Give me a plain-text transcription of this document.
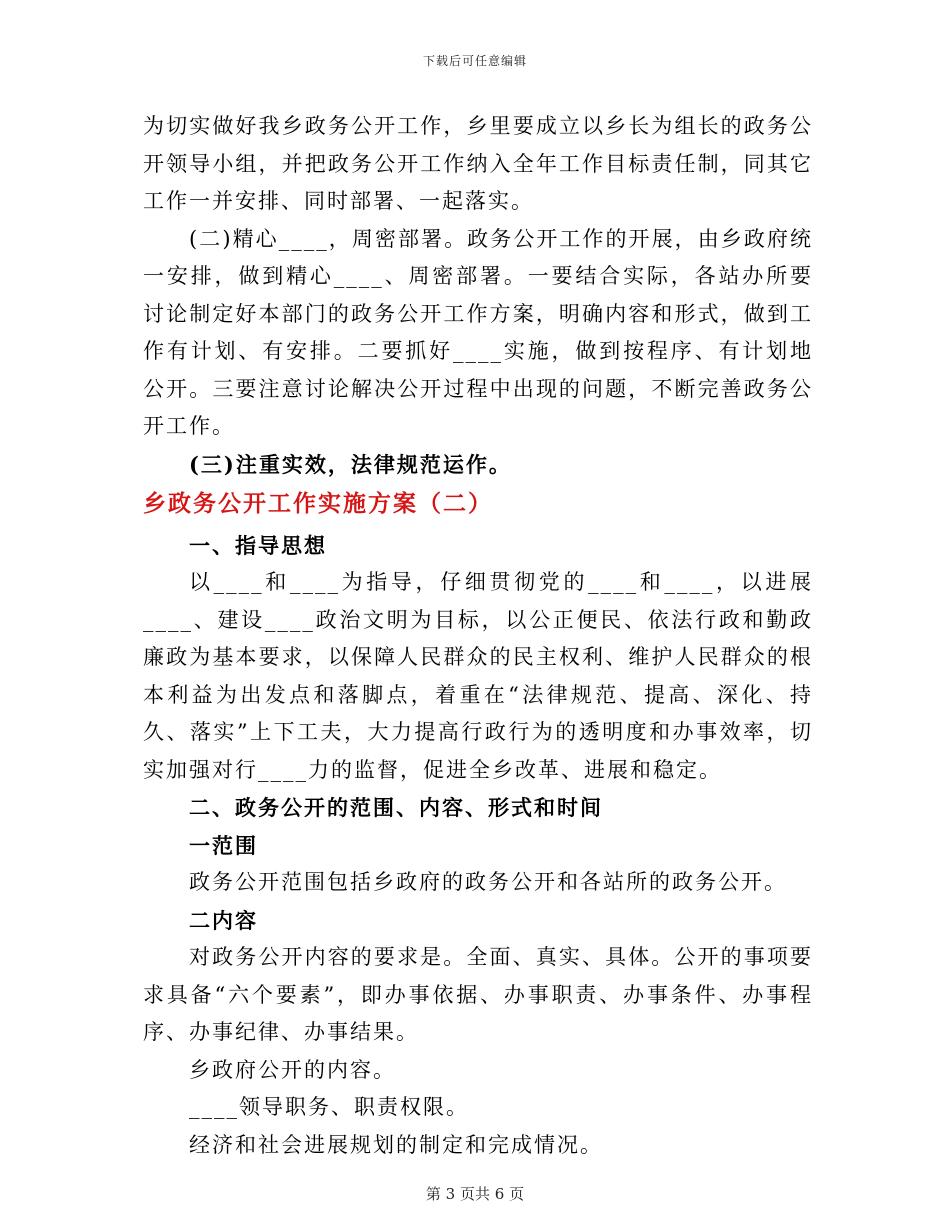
下载后可任意编辑

为切实做好我乡政务公开工作，乡里要成立以乡长为组长的政务公开领导小组，并把政务公开工作纳入全年工作目标责任制，同其它工作一并安排、同时部署、一起落实。

(二)精心____，周密部署。政务公开工作的开展，由乡政府统一安排，做到精心____、周密部署。一要结合实际，各站办所要讨论制定好本部门的政务公开工作方案，明确内容和形式，做到工作有计划、有安排。二要抓好____实施，做到按程序、有计划地公开。三要注意讨论解决公开过程中出现的问题，不断完善政务公开工作。

(三)注重实效，法律规范运作。

乡政务公开工作实施方案（二）

一、指导思想

以____和____为指导，仔细贯彻党的____和____，以进展____、建设____政治文明为目标，以公正便民、依法行政和勤政廉政为基本要求，以保障人民群众的民主权利、维护人民群众的根本利益为出发点和落脚点，着重在“法律规范、提高、深化、持久、落实”上下工夫，大力提高行政行为的透明度和办事效率，切实加强对行____力的监督，促进全乡改革、进展和稳定。

二、政务公开的范围、内容、形式和时间

一范围

政务公开范围包括乡政府的政务公开和各站所的政务公开。

二内容

对政务公开内容的要求是。全面、真实、具体。公开的事项要求具备“六个要素”，即办事依据、办事职责、办事条件、办事程序、办事纪律、办事结果。

乡政府公开的内容。

____领导职务、职责权限。

经济和社会进展规划的制定和完成情况。

第 3 页共 6 页
